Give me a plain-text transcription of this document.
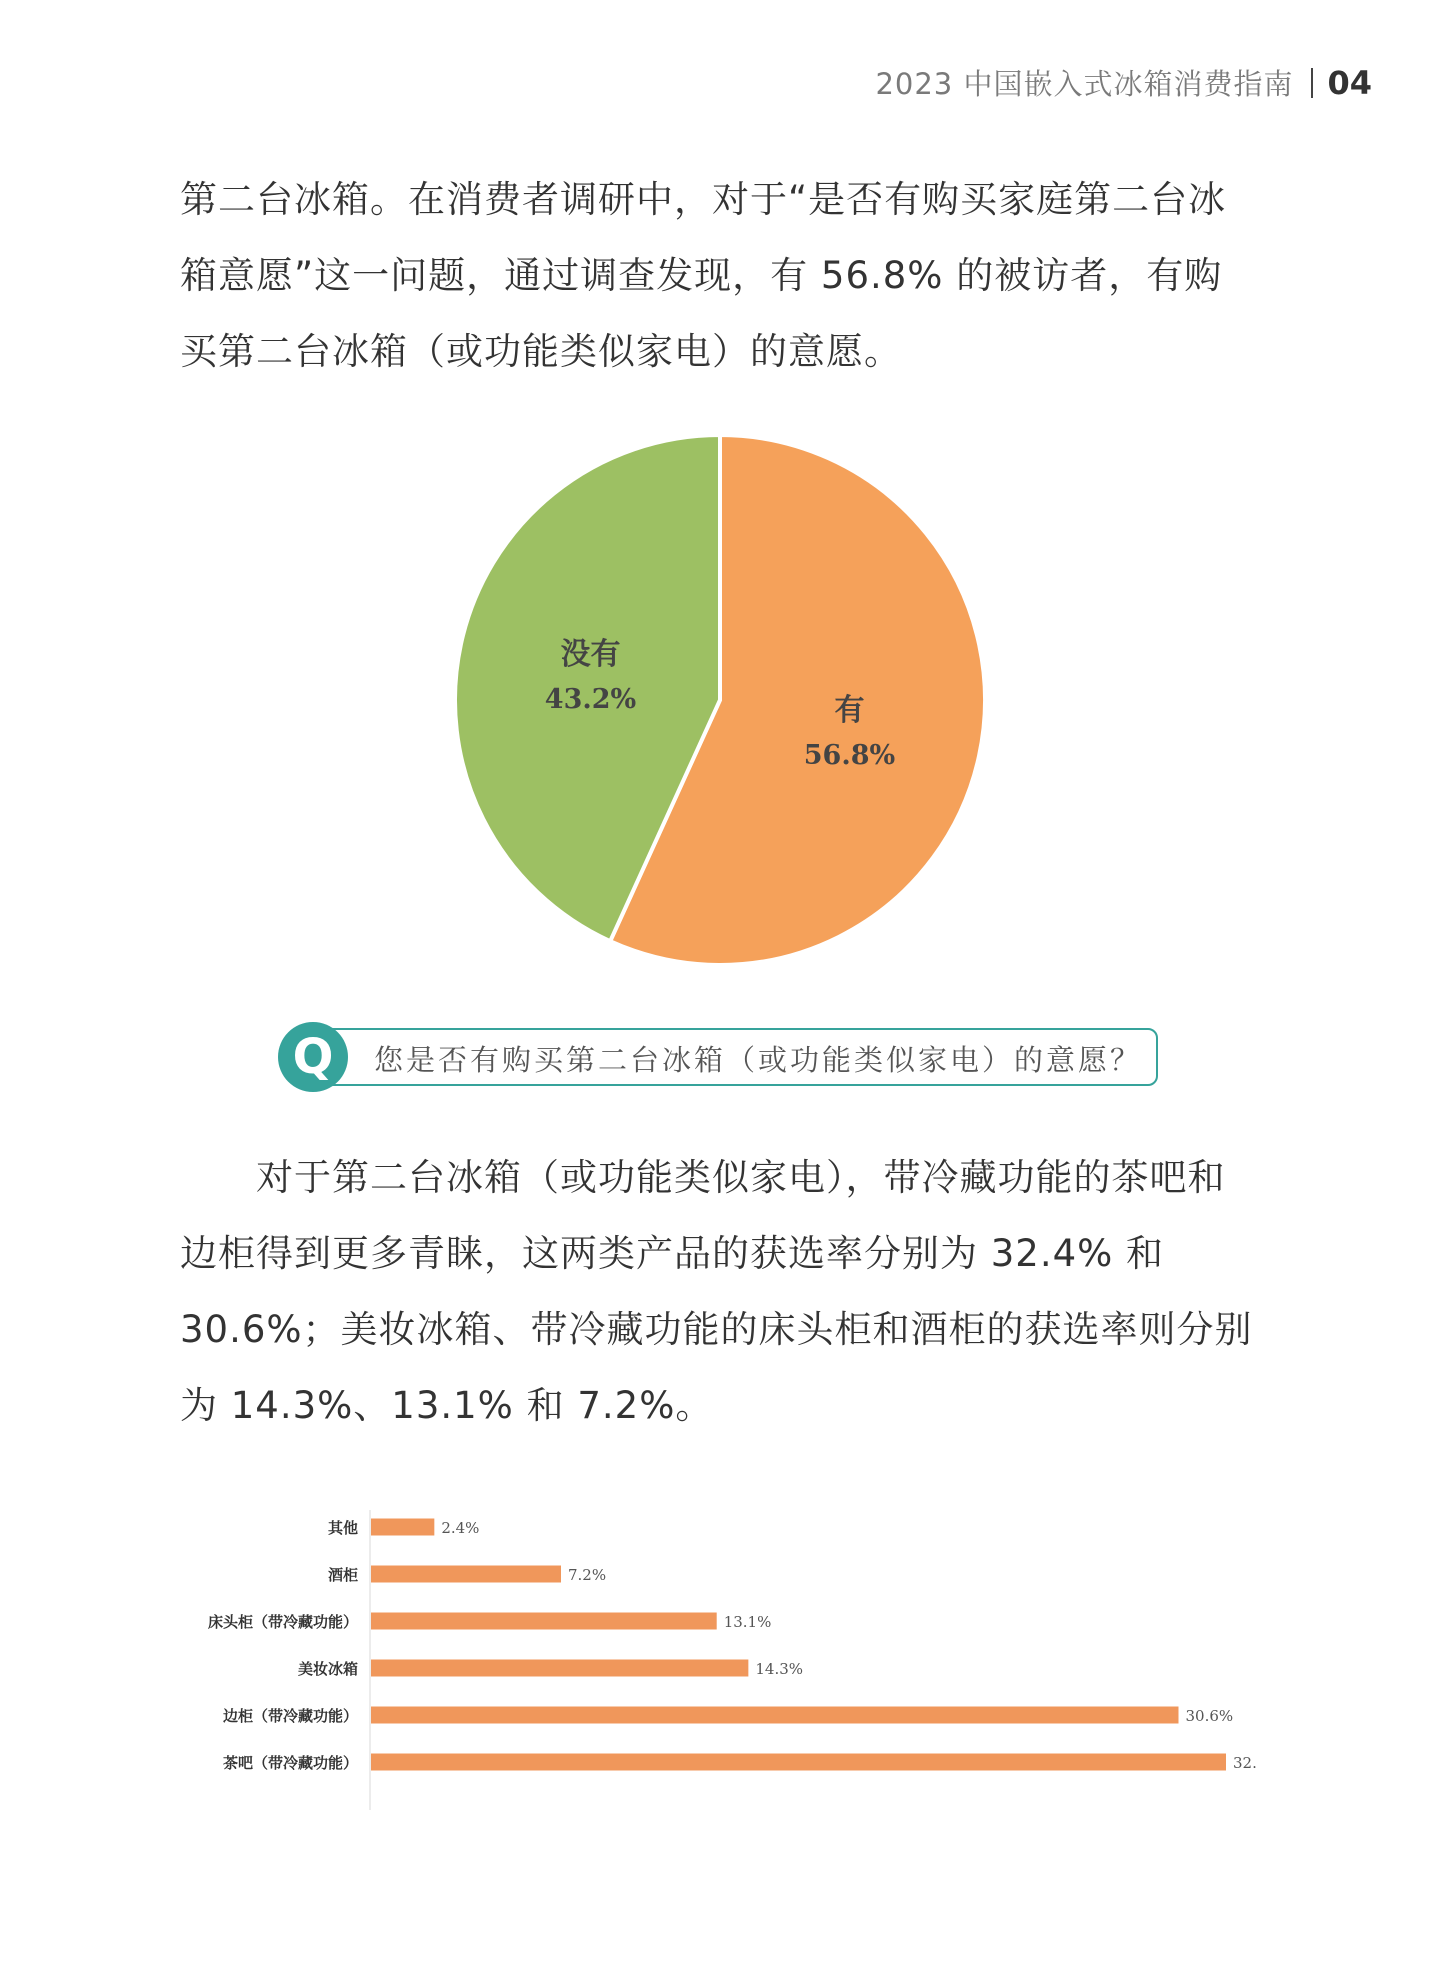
2023 中国嵌入式冰箱消费指南 04
第二台冰箱。在消费者调研中，对于“是否有购买家庭第二台冰箱意愿”这一问题，通过调查发现，有 56.8% 的被访者，有购买第二台冰箱（或功能类似家电）的意愿。
有
56.8%
没有
43.2%
Q	您是否有购买第二台冰箱（或功能类似家电）的意愿？
对于第二台冰箱（或功能类似家电），带冷藏功能的茶吧和边柜得到更多青睐，这两类产品的获选率分别为 32.4% 和 30.6%；美妆冰箱、带冷藏功能的床头柜和酒柜的获选率则分别为 14.3%、13.1% 和 7.2%。
其他	2.4%
酒柜	7.2%
床头柜（带冷藏功能）	13.1%
美妆冰箱	14.3%
边柜（带冷藏功能）	30.6%
茶吧（带冷藏功能）	32.
